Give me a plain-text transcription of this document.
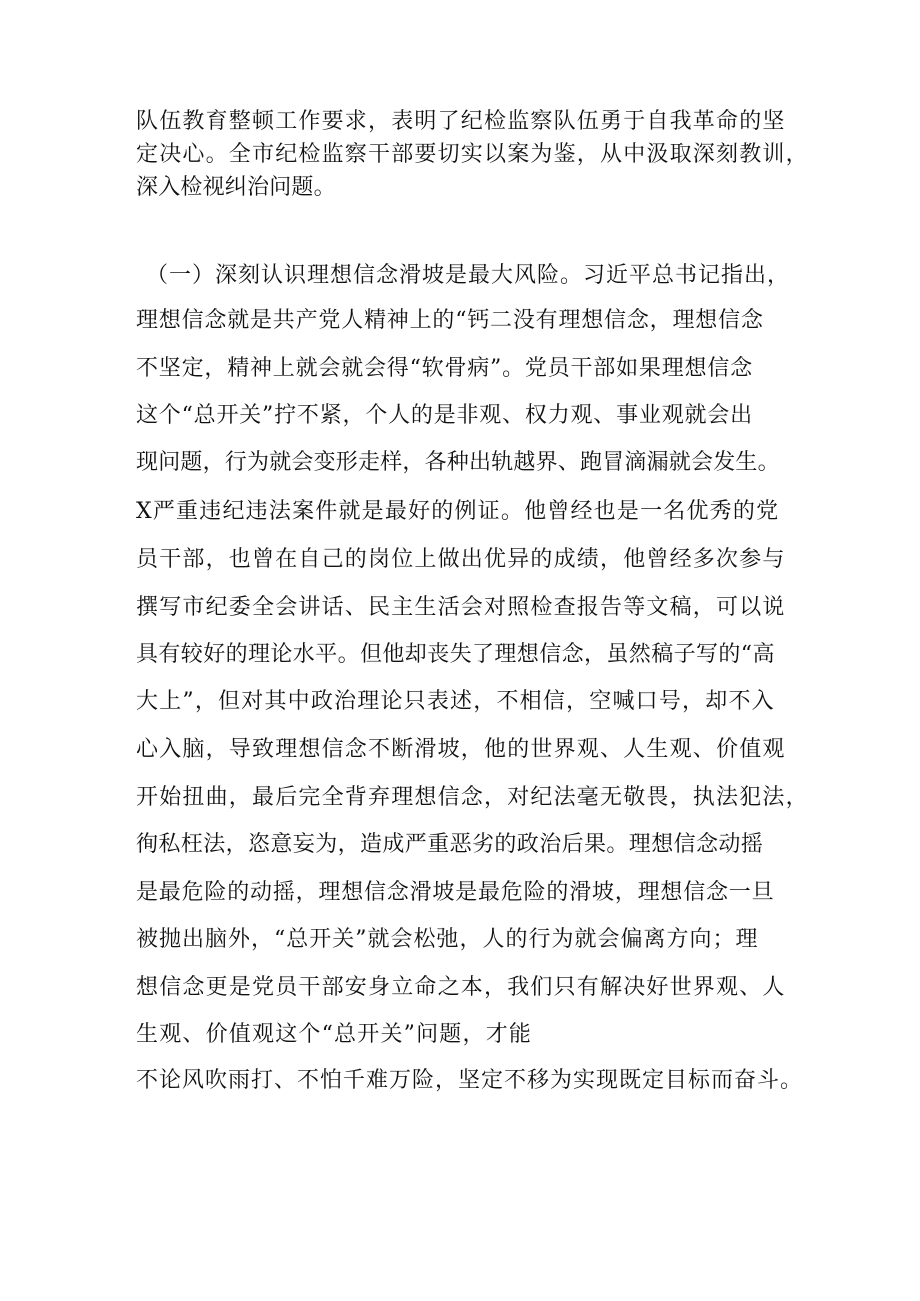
队伍教育整顿工作要求，表明了纪检监察队伍勇于自我革命的坚
定决心。全市纪检监察干部要切实以案为鉴，从中汲取深刻教训，
深入检视纠治问题。
（一）深刻认识理想信念滑坡是最大风险。习近平总书记指出，
理想信念就是共产党人精神上的“钙二没有理想信念，理想信念
不坚定，精神上就会就会得“软骨病”。党员干部如果理想信念
这个“总开关”拧不紧，个人的是非观、权力观、事业观就会出
现问题，行为就会变形走样，各种出轨越界、跑冒滴漏就会发生。
X严重违纪违法案件就是最好的例证。他曾经也是一名优秀的党
员干部，也曾在自己的岗位上做出优异的成绩，他曾经多次参与
撰写市纪委全会讲话、民主生活会对照检查报告等文稿，可以说
具有较好的理论水平。但他却丧失了理想信念，虽然稿子写的“高
大上”，但对其中政治理论只表述，不相信，空喊口号，却不入
心入脑，导致理想信念不断滑坡，他的世界观、人生观、价值观
开始扭曲，最后完全背弃理想信念，对纪法毫无敬畏，执法犯法，
徇私枉法，恣意妄为，造成严重恶劣的政治后果。理想信念动摇
是最危险的动摇，理想信念滑坡是最危险的滑坡，理想信念一旦
被抛出脑外，“总开关”就会松弛，人的行为就会偏离方向；理
想信念更是党员干部安身立命之本，我们只有解决好世界观、人
生观、价值观这个“总开关”问题，才能
不论风吹雨打、不怕千难万险，坚定不移为实现既定目标而奋斗。
